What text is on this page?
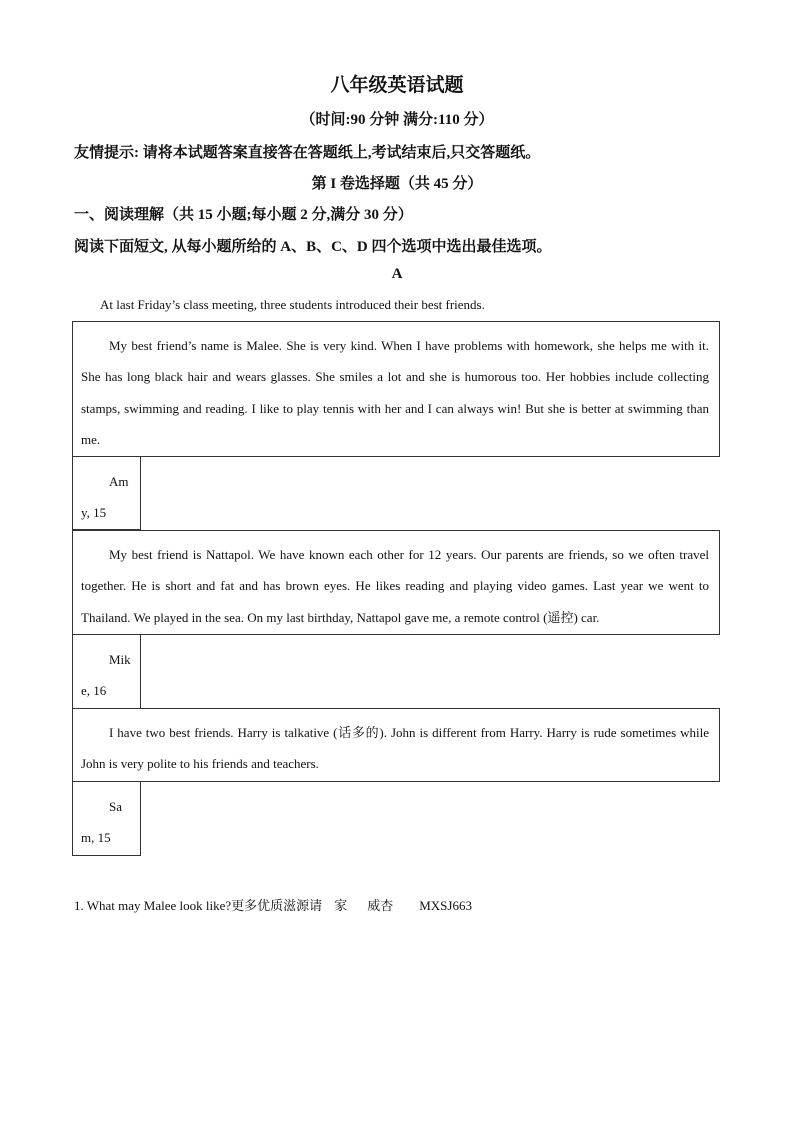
八年级英语试题
（时间:90 分钟 满分:110 分）
友情提示: 请将本试题答案直接答在答题纸上,考试结束后,只交答题纸。
第 I 卷选择题（共 45 分）
一、阅读理解（共 15 小题;每小题 2 分,满分 30 分）
阅读下面短文, 从每小题所给的 A、B、C、D 四个选项中选出最佳选项。
A
At last Friday’s class meeting, three students introduced their best friends.
My best friend’s name is Malee. She is very kind. When I have problems with homework, she helps me with it. She has long black hair and wears glasses. She smiles a lot and she is humorous too. Her hobbies include collecting stamps, swimming and reading. I like to play tennis with her and I can always win! But she is better at swimming than me.
Amy, 15
My best friend is Nattapol. We have known each other for 12 years. Our parents are friends, so we often travel together. He is short and fat and has brown eyes. He likes reading and playing video games. Last year we went to Thailand. We played in the sea. On my last birthday, Nattapol gave me, a remote control (遥控) car.
Mike, 16
I have two best friends. Harry is talkative (话多的). John is different from Harry. Harry is rude sometimes while John is very polite to his friends and teachers.
Sam, 15
1. What may Malee look like?更多优质滋源请 家 威杏 MXSJ663
